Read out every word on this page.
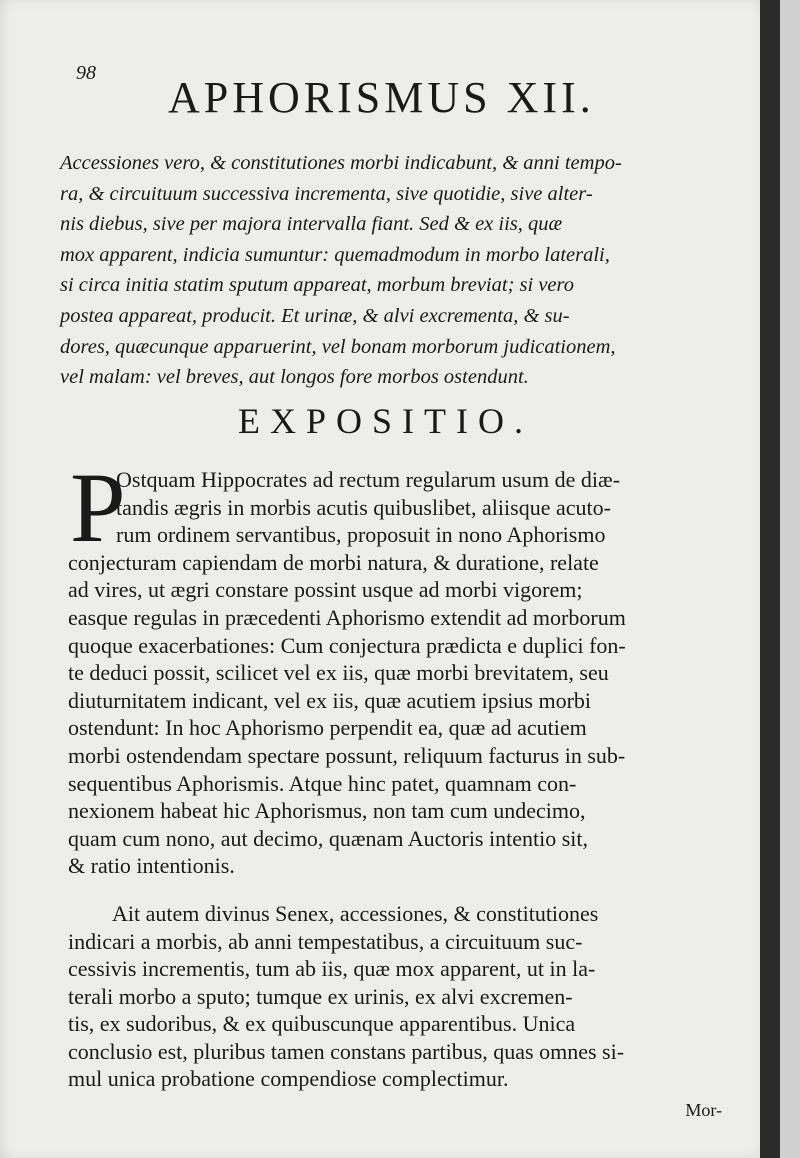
98 APHORISMUS XII.
Accessiones vero, & constitutiones morbi indicabunt, & anni tempo-
ra, & circuituum successiva incrementa, sive quotidie, sive alter-
nis diebus, sive per majora intervalla fiant. Sed & ex iis, quæ
mox apparent, indicia sumuntur: quemadmodum in morbo laterali,
si circa initia statim sputum appareat, morbum breviat; si vero
postea appareat, producit. Et urinæ, & alvi excrementa, & su-
dores, quæcunque apparuerint, vel bonam morborum judicationem,
vel malam: vel breves, aut longos fore morbos ostendunt.
EXPOSITIO.
P
Ostquam Hippocrates ad rectum regularum usum de diæ-
tandis ægris in morbis acutis quibuslibet, aliisque acuto-
rum ordinem servantibus, proposuit in nono Aphorismo
conjecturam capiendam de morbi natura, & duratione, relate
ad vires, ut ægri constare possint usque ad morbi vigorem;
easque regulas in præcedenti Aphorismo extendit ad morborum
quoque exacerbationes: Cum conjectura prædicta e duplici fon-
te deduci possit, scilicet vel ex iis, quæ morbi brevitatem, seu
diuturnitatem indicant, vel ex iis, quæ acutiem ipsius morbi
ostendunt: In hoc Aphorismo perpendit ea, quæ ad acutiem
morbi ostendendam spectare possunt, reliquum facturus in sub-
sequentibus Aphorismis. Atque hinc patet, quamnam con-
nexionem habeat hic Aphorismus, non tam cum undecimo,
quam cum nono, aut decimo, quænam Auctoris intentio sit,
& ratio intentionis.
Ait autem divinus Senex, accessiones, & constitutiones
indicari a morbis, ab anni tempestatibus, a circuituum suc-
cessivis incrementis, tum ab iis, quæ mox apparent, ut in la-
terali morbo a sputo; tumque ex urinis, ex alvi excremen-
tis, ex sudoribus, & ex quibuscunque apparentibus. Unica
conclusio est, pluribus tamen constans partibus, quas omnes si-
mul unica probatione compendiose complectimur.
Mor-
